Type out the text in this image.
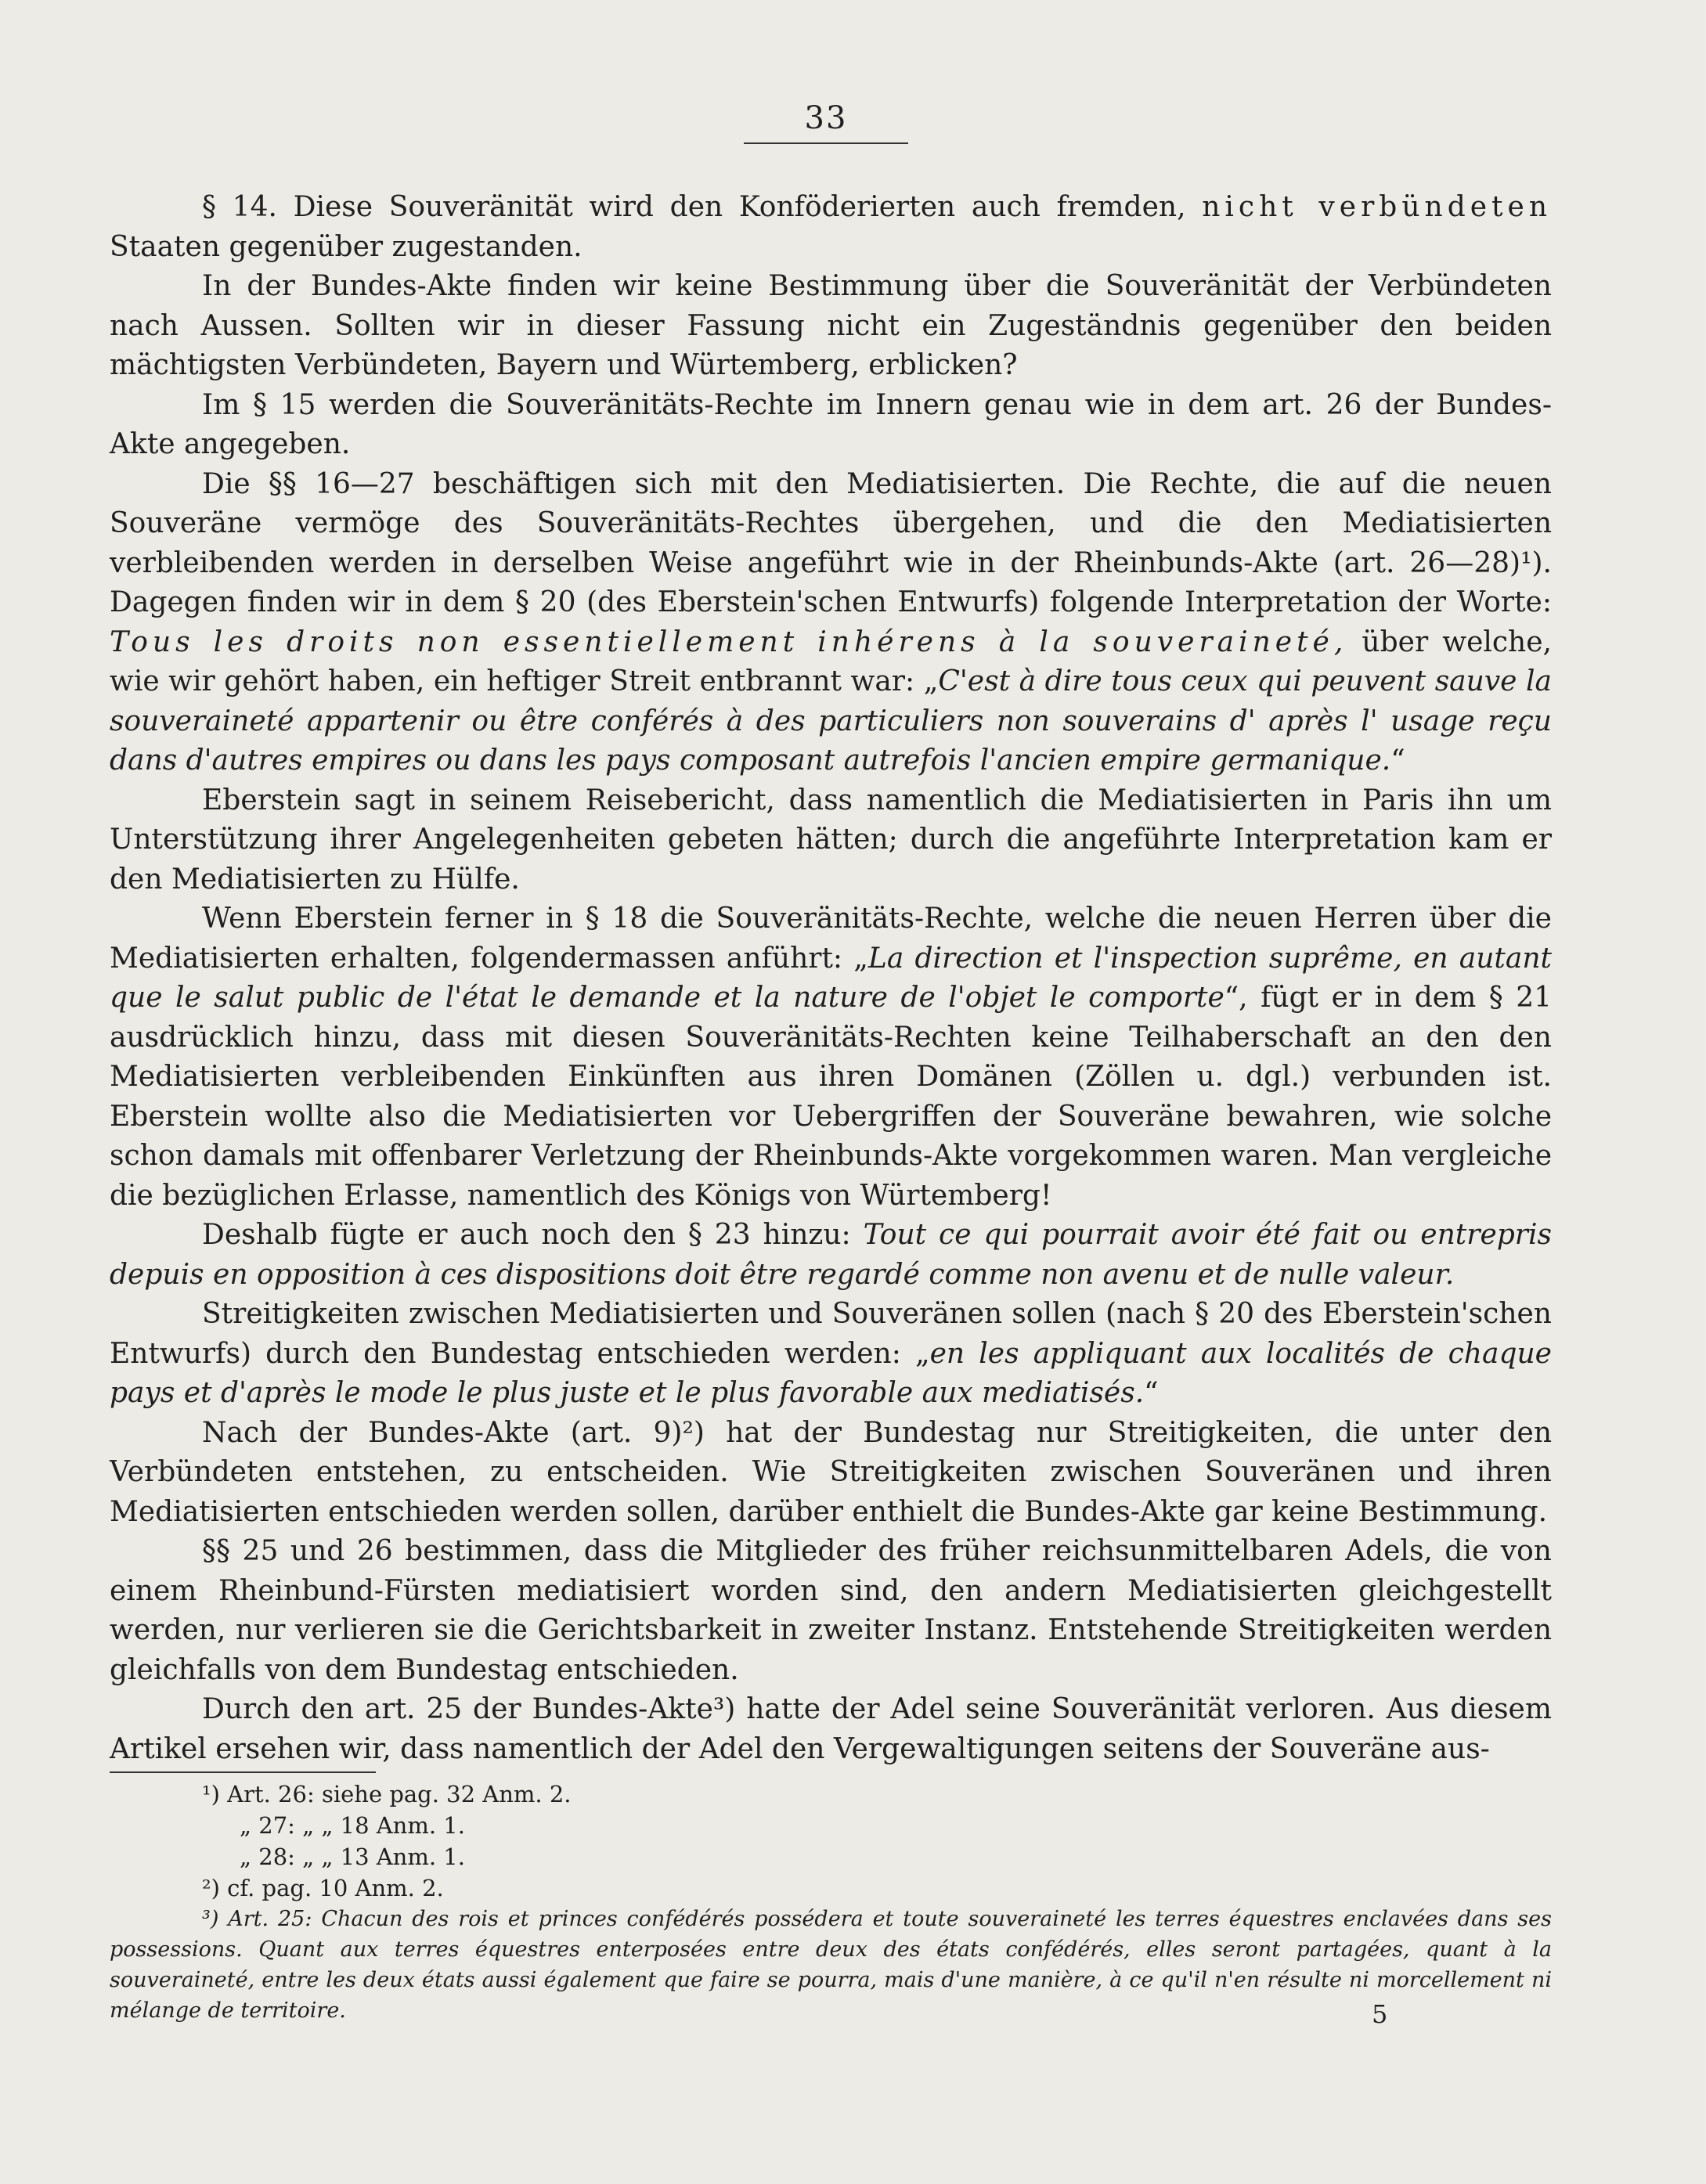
33

§ 14. Diese Souveränität wird den Konföderierten auch fremden, nicht verbündeten Staaten gegenüber zugestanden.

In der Bundes-Akte finden wir keine Bestimmung über die Souveränität der Verbündeten nach Aussen. Sollten wir in dieser Fassung nicht ein Zugeständnis gegenüber den beiden mächtigsten Verbündeten, Bayern und Würtemberg, erblicken?

Im § 15 werden die Souveränitäts-Rechte im Innern genau wie in dem art. 26 der Bundes-Akte angegeben.

Die §§ 16—27 beschäftigen sich mit den Mediatisierten. Die Rechte, die auf die neuen Souveräne vermöge des Souveränitäts-Rechtes übergehen, und die den Mediatisierten verbleibenden werden in derselben Weise angeführt wie in der Rheinbunds-Akte (art. 26—28)¹). Dagegen finden wir in dem § 20 (des Eberstein'schen Entwurfs) folgende Interpretation der Worte: Tous les droits non essentiellement inhérens à la souveraineté, über welche, wie wir gehört haben, ein heftiger Streit entbrannt war: „C'est à dire tous ceux qui peuvent sauve la souveraineté appartenir ou être conférés à des particuliers non souverains d' après l' usage reçu dans d'autres empires ou dans les pays composant autrefois l'ancien empire germanique.“

Eberstein sagt in seinem Reisebericht, dass namentlich die Mediatisierten in Paris ihn um Unterstützung ihrer Angelegenheiten gebeten hätten; durch die angeführte Interpretation kam er den Mediatisierten zu Hülfe.

Wenn Eberstein ferner in § 18 die Souveränitäts-Rechte, welche die neuen Herren über die Mediatisierten erhalten, folgendermassen anführt: „La direction et l'inspection suprême, en autant que le salut public de l'état le demande et la nature de l'objet le comporte“, fügt er in dem § 21 ausdrücklich hinzu, dass mit diesen Souveränitäts-Rechten keine Teilhaberschaft an den den Mediatisierten verbleibenden Einkünften aus ihren Domänen (Zöllen u. dgl.) verbunden ist. Eberstein wollte also die Mediatisierten vor Uebergriffen der Souveräne bewahren, wie solche schon damals mit offenbarer Verletzung der Rheinbunds-Akte vorgekommen waren. Man vergleiche die bezüglichen Erlasse, namentlich des Königs von Würtemberg!

Deshalb fügte er auch noch den § 23 hinzu: Tout ce qui pourrait avoir été fait ou entrepris depuis en opposition à ces dispositions doit être regardé comme non avenu et de nulle valeur.

Streitigkeiten zwischen Mediatisierten und Souveränen sollen (nach § 20 des Eberstein'schen Entwurfs) durch den Bundestag entschieden werden: „en les appliquant aux localités de chaque pays et d'après le mode le plus juste et le plus favorable aux mediatisés.“

Nach der Bundes-Akte (art. 9)²) hat der Bundestag nur Streitigkeiten, die unter den Verbündeten entstehen, zu entscheiden. Wie Streitigkeiten zwischen Souveränen und ihren Mediatisierten entschieden werden sollen, darüber enthielt die Bundes-Akte gar keine Bestimmung.

§§ 25 und 26 bestimmen, dass die Mitglieder des früher reichsunmittelbaren Adels, die von einem Rheinbund-Fürsten mediatisiert worden sind, den andern Mediatisierten gleichgestellt werden, nur verlieren sie die Gerichtsbarkeit in zweiter Instanz. Entstehende Streitigkeiten werden gleichfalls von dem Bundestag entschieden.

Durch den art. 25 der Bundes-Akte³) hatte der Adel seine Souveränität verloren. Aus diesem Artikel ersehen wir, dass namentlich der Adel den Vergewaltigungen seitens der Souveräne aus-

¹) Art. 26: siehe pag. 32 Anm. 2.
„ 27: „ „ 18 Anm. 1.
„ 28: „ „ 13 Anm. 1.
²) cf. pag. 10 Anm. 2.
³) Art. 25: Chacun des rois et princes confédérés possédera et toute souveraineté les terres équestres enclavées dans ses possessions. Quant aux terres équestres enterposées entre deux des états confédérés, elles seront partagées, quant à la souveraineté, entre les deux états aussi également que faire se pourra, mais d'une manière, à ce qu'il n'en résulte ni morcellement ni mélange de territoire.	5
